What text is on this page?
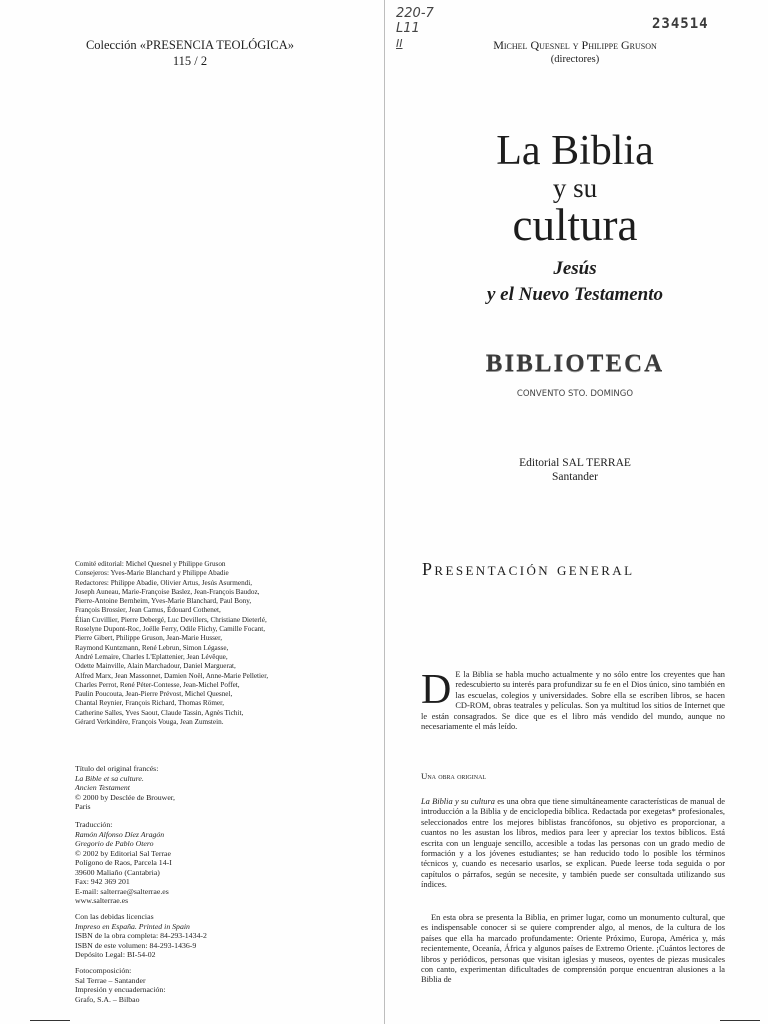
Colección «PRESENCIA TEOLÓGICA»

115 / 2

Comité editorial: Michel Quesnel y Philippe Gruson
Consejeros: Yves-Marie Blanchard y Philippe Abadie
Redactores: Philippe Abadie, Olivier Artus, Jesús Asurmendi,
Joseph Auneau, Marie-Françoise Baslez, Jean-François Baudoz,
Pierre-Antoine Bernheim, Yves-Marie Blanchard, Paul Bony,
François Brossier, Jean Camus, Édouard Cothenet,
Élian Cuvillier, Pierre Debergé, Luc Devillers, Christiane Dieterlé,
Roselyne Dupont-Roc, Joëlle Ferry, Odile Flichy, Camille Focant,
Pierre Gibert, Philippe Gruson, Jean-Marie Husser,
Raymond Kuntzmann, René Lebrun, Simon Légasse,
André Lemaire, Charles L'Eplattenier, Jean Lévêque,
Odette Mainville, Alain Marchadour, Daniel Marguerat,
Alfred Marx, Jean Massonnet, Damien Noël, Anne-Marie Pelletier,
Charles Perrot, René Péter-Contesse, Jean-Michel Poffet,
Paulin Poucouta, Jean-Pierre Prévost, Michel Quesnel,
Chantal Reynier, François Richard, Thomas Römer,
Catherine Salles, Yves Saout, Claude Tassin, Agnès Tichit,
Gérard Verkindère, François Vouga, Jean Zumstein.
Título del original francés:
La Bible et sa culture.
Ancien Testament
© 2000 by Desclée de Brouwer,
Paris
Traducción:
Ramón Alfonso Díez Aragón
Gregorio de Pablo Otero
© 2002 by Editorial Sal Terrae
Polígono de Raos, Parcela 14-I
39600 Maliaño (Cantabria)
Fax: 942 369 201
E-mail: salterrae@salterrae.es
www.salterrae.es
Con las debidas licencias
Impreso en España. Printed in Spain
ISBN de la obra completa: 84-293-1434-2
ISBN de este volumen: 84-293-1436-9
Depósito Legal: BI-54-02
Fotocomposición:
Sal Terrae – Santander
Impresión y encuadernación:
Grafo, S.A. – Bilbao
220-7
L11
II
234514

Michel Quesnel y Philippe Gruson

(directores)

La Biblia

y su

cultura

Jesús

y el Nuevo Testamento

BIBLIOTECA

CONVENTO STO. DOMINGO

Editorial SAL TERRAE

Santander

Presentación general
D E la Biblia se habla mucho actualmente y no sólo entre los creyentes que han redescubierto su interés para profundizar su fe en el Dios único, sino también en las escuelas, colegios y universidades. Sobre ella se escriben libros, se hacen CD-ROM, obras teatrales y películas. Son ya multitud los sitios de Internet que le están consagrados. Se dice que es el libro más vendido del mundo, aunque no necesariamente el más leído.

Una obra original

La Biblia y su cultura es una obra que tiene simultáneamente características de manual de introducción a la Biblia y de enciclopedia bíblica. Redactada por exegetas* profesionales, seleccionados entre los mejores biblistas francófonos, su objetivo es proporcionar, a cuantos no les asustan los libros, medios para leer y apreciar los textos bíblicos. Está escrita con un lenguaje sencillo, accesible a todas las personas con un grado medio de formación y a los jóvenes estudiantes; se han reducido todo lo posible los términos técnicos y, cuando es necesario usarlos, se explican. Puede leerse toda seguida o por capítulos o párrafos, según se necesite, y también puede ser consultada utilizando sus índices.
En esta obra se presenta la Biblia, en primer lugar, como un monumento cultural, que es indispensable conocer si se quiere comprender algo, al menos, de la cultura de los países que ella ha marcado profundamente: Oriente Próximo, Europa, América y, más recientemente, Oceanía, África y algunos países de Extremo Oriente. ¡Cuántos lectores de libros y periódicos, personas que visitan iglesias y museos, oyentes de piezas musicales con canto, experimentan dificultades de comprensión porque encuentran alusiones a la Biblia de
